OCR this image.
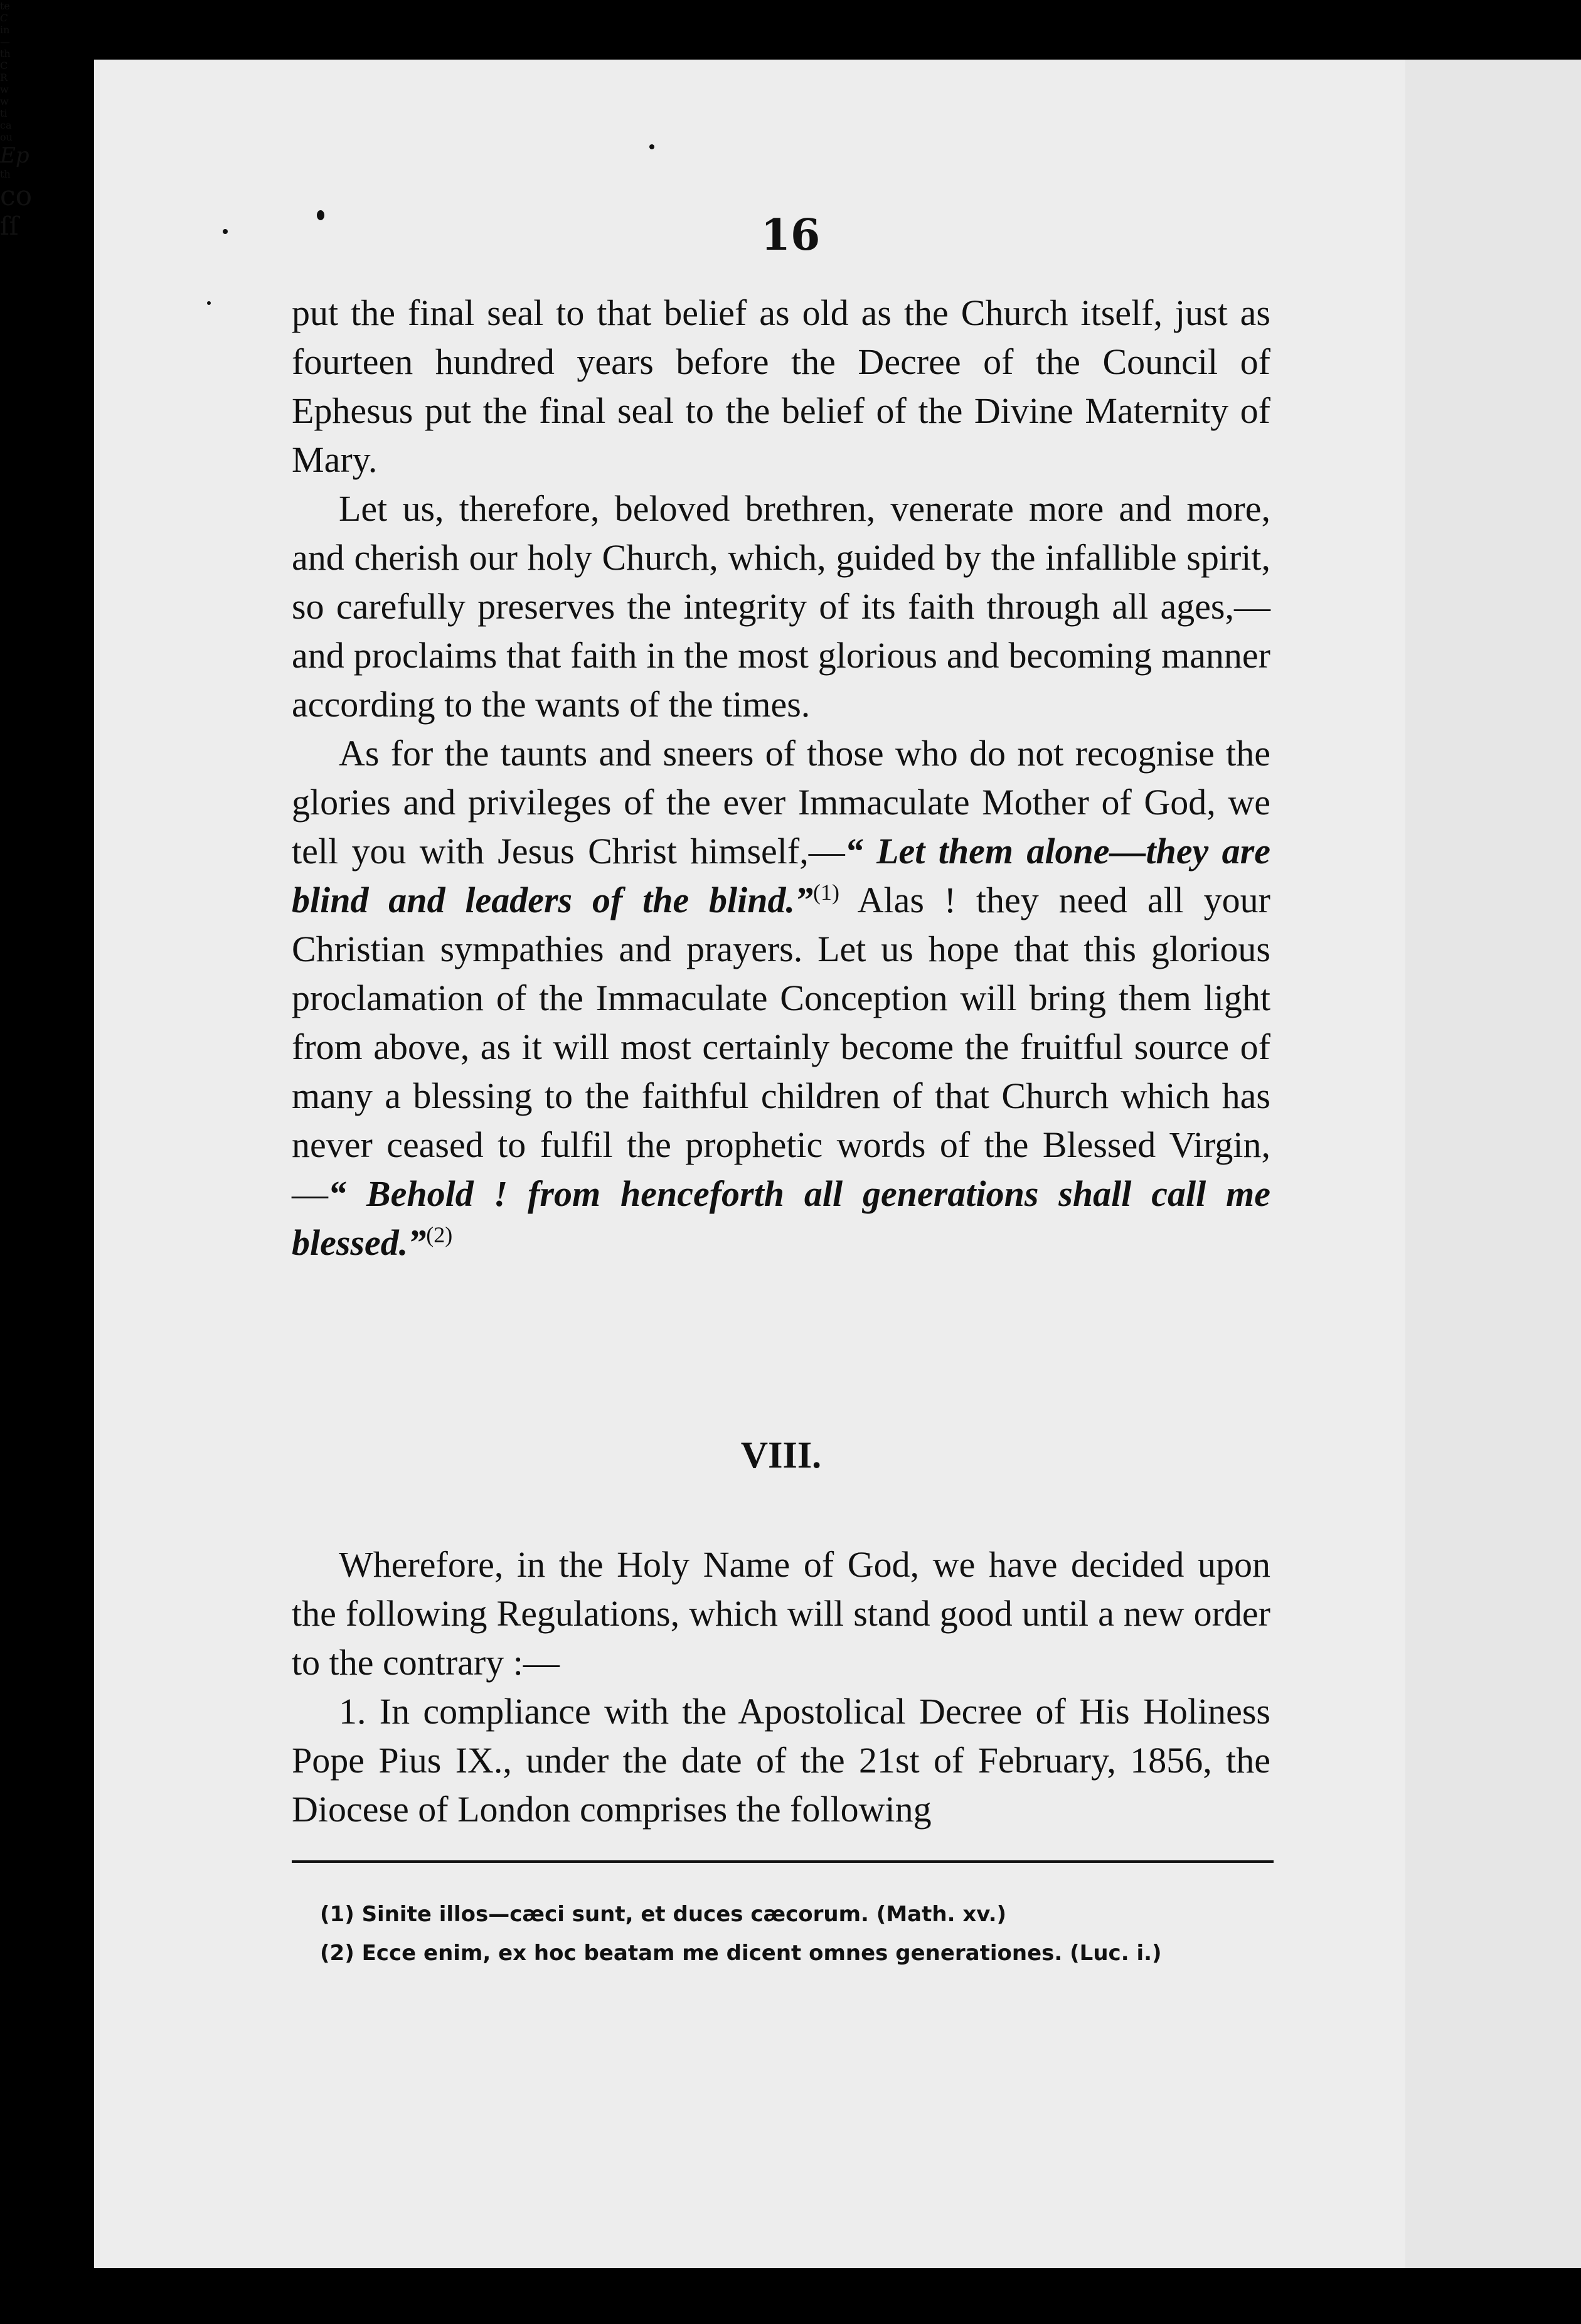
te
C
in
—
th
C
R
w
w
ti
ca
ou
Ep
th
co
ſſ	16

put the final seal to that belief as old as the Church itself, just as fourteen hundred years before the Decree of the Council of Ephesus put the final seal to the belief of the Divine Maternity of Mary.

Let us, therefore, beloved brethren, venerate more and more, and cherish our holy Church, which, guided by the infallible spirit, so carefully preserves the integrity of its faith through all ages,—and proclaims that faith in the most glorious and becoming manner according to the wants of the times.

As for the taunts and sneers of those who do not recognise the glories and privileges of the ever Immaculate Mother of God, we tell you with Jesus Christ himself,—“ Let them alone—they are blind and leaders of the blind.”$^{(1)}$ Alas ! they need all your Christian sympathies and prayers. Let us hope that this glorious proclamation of the Immaculate Conception will bring them light from above, as it will most certainly become the fruitful source of many a blessing to the faithful children of that Church which has never ceased to fulfil the prophetic words of the Blessed Virgin,—“ Behold ! from henceforth all generations shall call me blessed.”$^{(2)}$

VIII.

Wherefore, in the Holy Name of God, we have decided upon the following Regulations, which will stand good until a new order to the contrary :—

1. In compliance with the Apostolical Decree of His Holiness Pope Pius IX., under the date of the 21st of February, 1856, the Diocese of London comprises the following

(1) Sinite illos—cæci sunt, et duces cæcorum. (Math. xv.)
(2) Ecce enim, ex hoc beatam me dicent omnes generationes. (Luc. i.)
